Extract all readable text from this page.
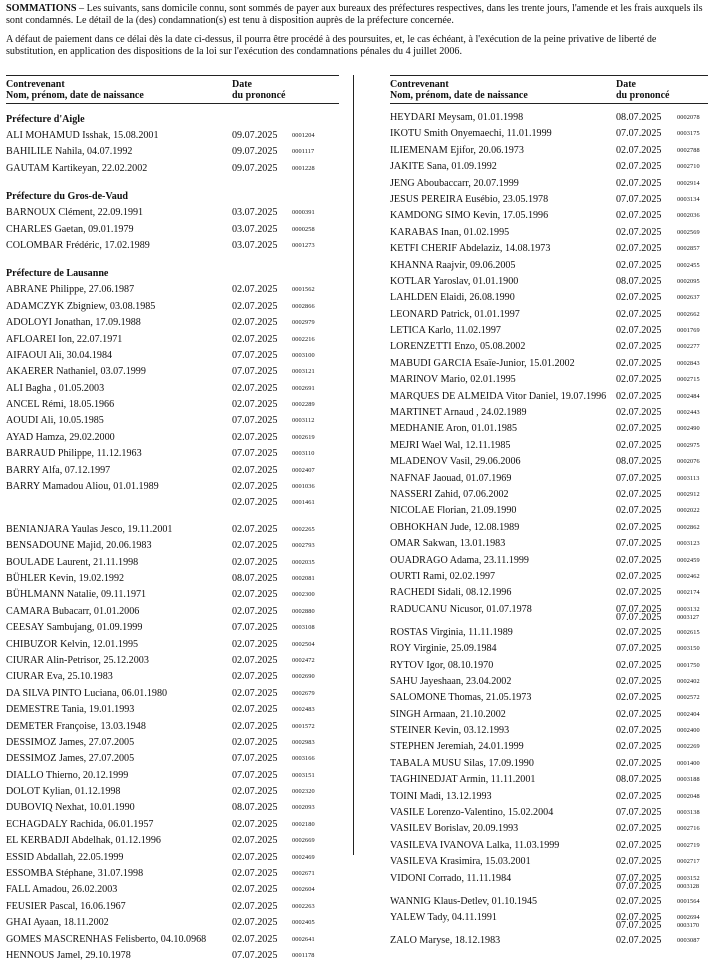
SOMMATIONS – Les suivants, sans domicile connu, sont sommés de payer aux bureaux des préfectures respectives, dans les trente jours, l'amende et les frais auxquels ils sont condamnés. Le détail de la (des) condamnation(s) est tenu à disposition auprès de la préfecture concernée.

A défaut de paiement dans ce délai dès la date ci-dessus, il pourra être procédé à des poursuites, et, le cas échéant, à l'exécution de la peine privative de liberté de substitution, en application des dispositions de la loi sur l'exécution des condamnations pénales du 4 juillet 2006.

Contrevenant
Nom, prénom, date de naissance
Date
du prononcé
Préfecture d'Aigle
ALI MOHAMUD Isshak, 15.08.2001	09.07.2025 0001204
BAHILILE Nahila, 04.07.1992	09.07.2025 0001117
GAUTAM Kartikeyan, 22.02.2002	09.07.2025 0001228
Préfecture du Gros-de-Vaud
BARNOUX Clément, 22.09.1991	03.07.2025 0000391
CHARLES Gaetan, 09.01.1979	03.07.2025 0000258
COLOMBAR Frédéric, 17.02.1989	03.07.2025 0001273
Préfecture de Lausanne
ABRANE Philippe, 27.06.1987	02.07.2025 0001562
ADAMCZYK Zbigniew, 03.08.1985	02.07.2025 0002866
ADOLOYI Jonathan, 17.09.1988	02.07.2025 0002979
AFLOAREI Ion, 22.07.1971	02.07.2025 0002216
AIFAOUI Ali, 30.04.1984	07.07.2025 0003100
AKAERER Nathaniel, 03.07.1999	07.07.2025 0003121
ALI Bagha , 01.05.2003	02.07.2025 0002691
ANCEL Rémi, 18.05.1966	02.07.2025 0002289
AOUDI Ali, 10.05.1985	07.07.2025 0003112
AYAD Hamza, 29.02.2000	02.07.2025 0002619
BARRAUD Philippe, 11.12.1963	07.07.2025 0003110
BARRY Alfa, 07.12.1997	02.07.2025 0002407
BARRY Mamadou Aliou, 01.01.1989	02.07.2025 0001036
02.07.2025 0001461
BENIANJARA Yaulas Jesco, 19.11.2001	02.07.2025 0002265
BENSADOUNE Majid, 20.06.1983	02.07.2025 0002793
BOULADE Laurent, 21.11.1998	02.07.2025 0002035
BÜHLER Kevin, 19.02.1992	08.07.2025 0002081
BÜHLMANN Natalie, 09.11.1971	02.07.2025 0002300
CAMARA Bubacarr, 01.01.2006	02.07.2025 0002880
CEESAY Sambujang, 01.09.1999	07.07.2025 0003108
CHIBUZOR Kelvin, 12.01.1995	02.07.2025 0002504
CIURAR Alin-Petrisor, 25.12.2003	02.07.2025 0002472
CIURAR Eva, 25.10.1983	02.07.2025 0002690
DA SILVA PINTO Luciana, 06.01.1980	02.07.2025 0002679
DEMESTRE Tania, 19.01.1993	02.07.2025 0002483
DEMETER Françoise, 13.03.1948	02.07.2025 0001572
DESSIMOZ James, 27.07.2005	02.07.2025 0002983
DESSIMOZ James, 27.07.2005	07.07.2025 0003166
DIALLO Thierno, 20.12.1999	07.07.2025 0003151
DOLOT Kylian, 01.12.1998	02.07.2025 0002320
DUBOVIQ Nexhat, 10.01.1990	08.07.2025 0002093
ECHAGDALY Rachida, 06.01.1957	02.07.2025 0002180
EL KERBADJI Abdelhak, 01.12.1996	02.07.2025 0002669
ESSID Abdallah, 22.05.1999	02.07.2025 0002469
ESSOMBA Stéphane, 31.07.1998	02.07.2025 0002671
FALL Amadou, 26.02.2003	02.07.2025 0002604
FEUSIER Pascal, 16.06.1967	02.07.2025 0002263
GHAI Ayaan, 18.11.2002	02.07.2025 0002405
GOMES MASCRENHAS Felisberto, 04.10.0968	02.07.2025 0002641
HENNOUS Jamel, 29.10.1978	07.07.2025 0001178
Contrevenant
Nom, prénom, date de naissance
Date
du prononcé
HEYDARI Meysam, 01.01.1998	08.07.2025 0002078
IKOTU Smith Onyemaechi, 11.01.1999	07.07.2025 0003175
ILIEMENAM Ejifor, 20.06.1973	02.07.2025 0002788
JAKITE Sana, 01.09.1992	02.07.2025 0002710
JENG Aboubaccarr, 20.07.1999	02.07.2025 0002914
JESUS PEREIRA Eusébio, 23.05.1978	07.07.2025 0003134
KAMDONG SIMO Kevin, 17.05.1996	02.07.2025 0002036
KARABAS Inan, 01.02.1995	02.07.2025 0002569
KETFI CHERIF Abdelaziz, 14.08.1973	02.07.2025 0002857
KHANNA Raajvir, 09.06.2005	02.07.2025 0002455
KOTLAR Yaroslav, 01.01.1900	08.07.2025 0002095
LAHLDEN Elaidi, 26.08.1990	02.07.2025 0002637
LEONARD Patrick, 01.01.1997	02.07.2025 0002662
LETICA Karlo, 11.02.1997	02.07.2025 0001769
LORENZETTI Enzo, 05.08.2002	02.07.2025 0002277
MABUDI GARCIA Esaïe-Junior, 15.01.2002	02.07.2025 0002843
MARINOV Mario, 02.01.1995	02.07.2025 0002715
MARQUES DE ALMEIDA Vitor Daniel, 19.07.1996 02.07.2025 0002484
MARTINET Arnaud , 24.02.1989	02.07.2025 0002443
MEDHANIE Aron, 01.01.1985	02.07.2025 0002490
MEJRI Wael Wal, 12.11.1985	02.07.2025 0002975
MLADENOV Vasil, 29.06.2006	08.07.2025 0002076
NAFNAF Jaouad, 01.07.1969	07.07.2025 0003113
NASSERI Zahid, 07.06.2002	02.07.2025 0002912
NICOLAE Florian, 21.09.1990	02.07.2025 0002022
OBHOKHAN Jude, 12.08.1989	02.07.2025 0002862
OMAR Sakwan, 13.01.1983	07.07.2025 0003123
OUADRAGO Adama, 23.11.1999	02.07.2025 0002459
OURTI Rami, 02.02.1997	02.07.2025 0002462
RACHEDI Sidali, 08.12.1996	02.07.2025 0002174
RADUCANU Nicusor, 01.07.1978	07.07.2025 0003132
07.07.2025 0003127
ROSTAS Virginia, 11.11.1989	02.07.2025 0002615
ROY Virginie, 25.09.1984	07.07.2025 0003150
RYTOV Igor, 08.10.1970	02.07.2025 0001750
SAHU Jayeshaan, 23.04.2002	02.07.2025 0002402
SALOMONE Thomas, 21.05.1973	02.07.2025 0002572
SINGH Armaan, 21.10.2002	02.07.2025 0002404
STEINER Kevin, 03.12.1993	02.07.2025 0002400
STEPHEN Jeremiah, 24.01.1999	02.07.2025 0002269
TABALA MUSU Silas, 17.09.1990	02.07.2025 0001400
TAGHINEDJAT Armin, 11.11.2001	08.07.2025 0003188
TOINI Madi, 13.12.1993	02.07.2025 0002048
VASILE Lorenzo-Valentino, 15.02.2004	07.07.2025 0003138
VASILEV Borislav, 20.09.1993	02.07.2025 0002716
VASILEVA IVANOVA Lalka, 11.03.1999	02.07.2025 0002719
VASILEVA Krasimira, 15.03.2001	02.07.2025 0002717
VIDONI Corrado, 11.11.1984	07.07.2025 0003152
07.07.2025 0003128
WANNIG Klaus-Detlev, 01.10.1945	02.07.2025 0001564
YALEW Tady, 04.11.1991	02.07.2025 0002694
07.07.2025 0003170
ZALO Maryse, 18.12.1983	02.07.2025 0003087
